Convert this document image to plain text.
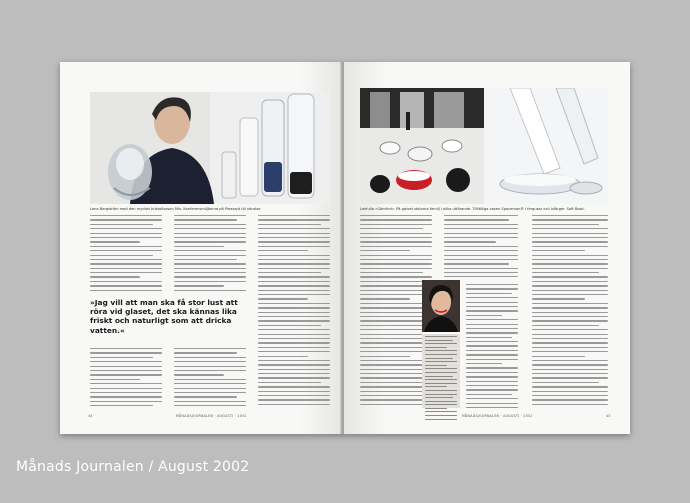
Lena Bergström med den mycket kristallvasen Mix. Konferensmiljöerna på Pleasant till vänster.
»Jag vill att man ska få stor lust att röra vid glaset, det ska kännas lika friskt och naturligt som att dricka vatten.«
44	MÅNADSJOURNALEN · AUGUSTI · 2002
Lekfulla »Gömfrid«. På golvet stolarna familj i olika utförande. Tillfälliga vasen Spaceman® i fergusar och isfärger. Soft Bowl.
MÅNADSJOURNALEN · AUGUSTI · 2002	45
Månads Journalen / August 2002
